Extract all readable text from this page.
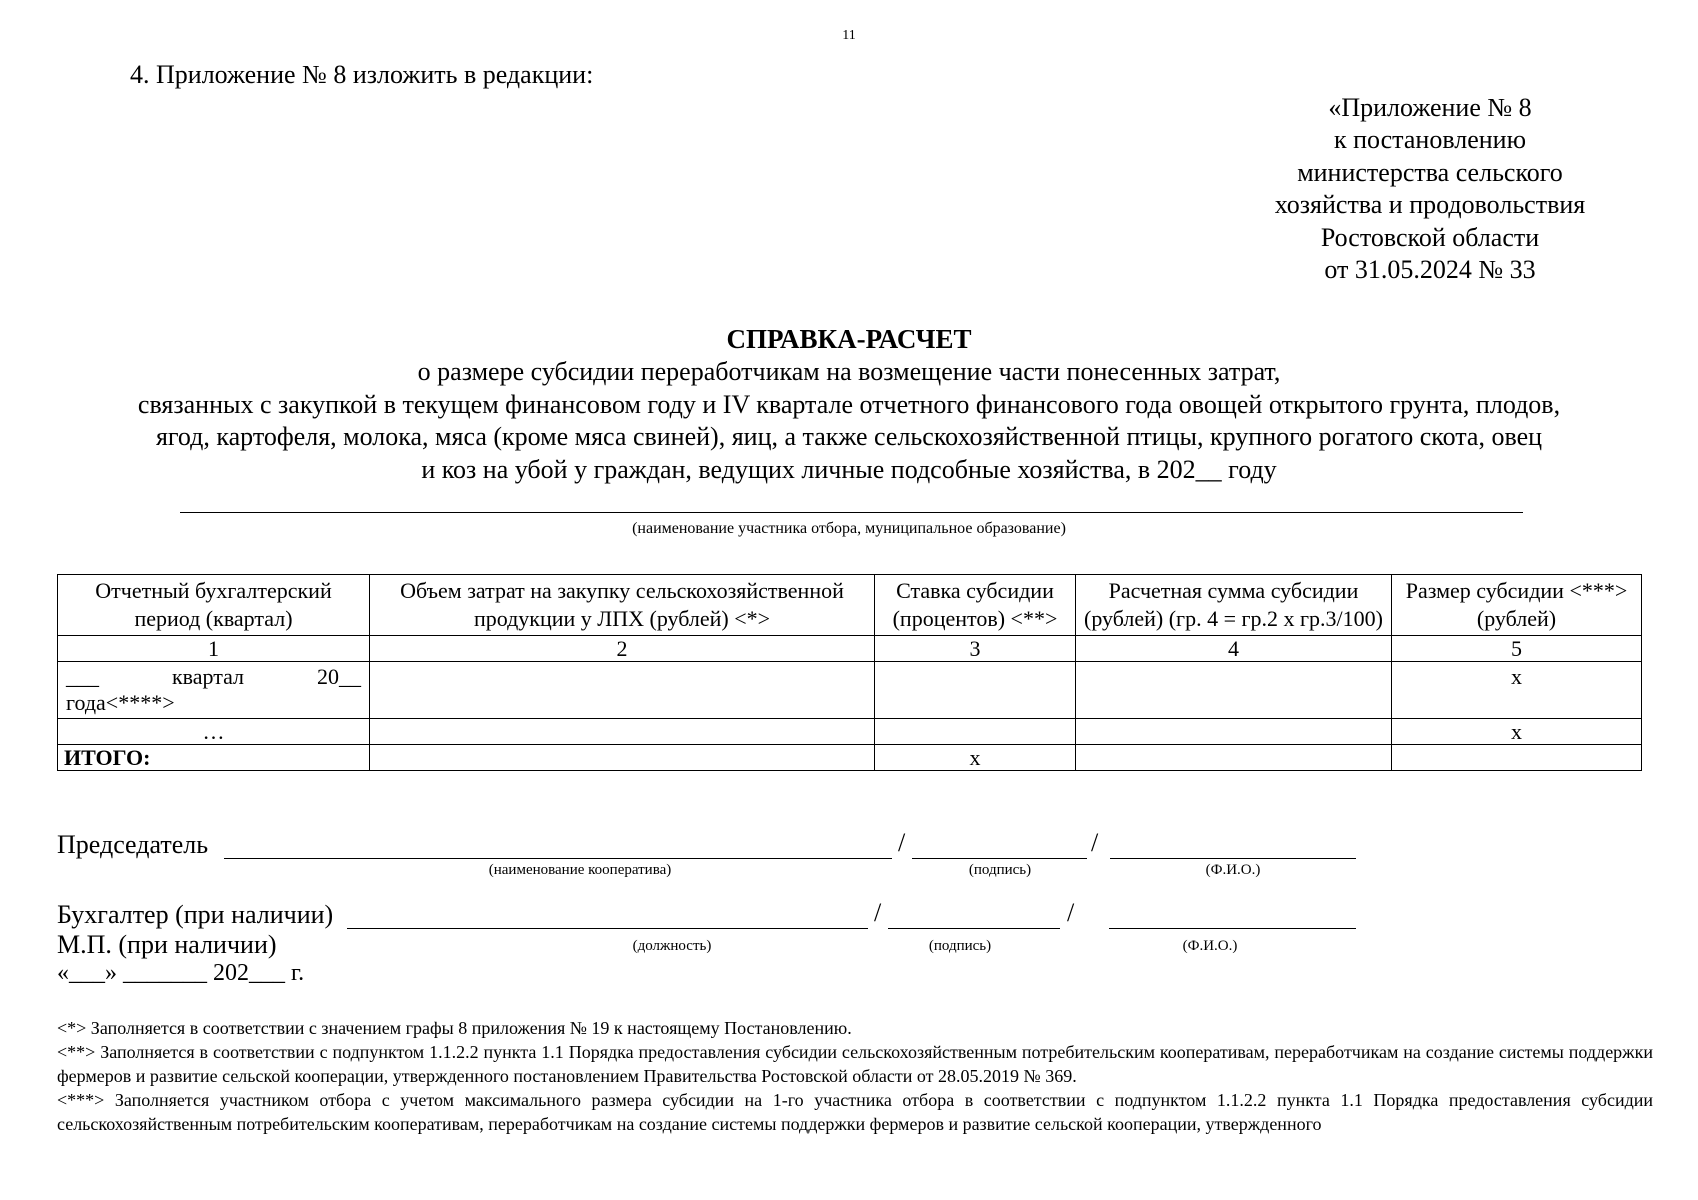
11
4. Приложение № 8 изложить в редакции:
«Приложение № 8
к постановлению
министерства сельского
хозяйства и продовольствия
Ростовской области
от 31.05.2024 № 33
СПРАВКА-РАСЧЕТ
о размере субсидии переработчикам на возмещение части понесенных затрат,
связанных с закупкой в текущем финансовом году и IV квартале отчетного финансового года овощей открытого грунта, плодов,
ягод, картофеля, молока, мяса (кроме мяса свиней), яиц, а также сельскохозяйственной птицы, крупного рогатого скота, овец
и коз на убой у граждан, ведущих личные подсобные хозяйства, в 202__ году
(наименование участника отбора, муниципальное образование)
Отчетный бухгалтерский период (квартал)	Объем затрат на закупку сельскохозяйственной продукции у ЛПХ (рублей) <*>	Ставка субсидии (процентов) <**>	Расчетная сумма субсидии (рублей) (гр. 4 = гр.2 x гр.3/100)	Размер субсидии <***> (рублей)
1	2	3	4	5

___ квартал 20__
года<****>				x
…				x
ИТОГО:		x		
Председатель	/	/
(наименование кооператива)	(подпись)	(Ф.И.О.)
Бухгалтер (при наличии)	/	/
М.П. (при наличии)	(должность)	(подпись)	(Ф.И.О.)
«___» _______ 202___ г.

<*> Заполняется в соответствии с значением графы 8 приложения № 19 к настоящему Постановлению.

<**> Заполняется в соответствии с подпунктом 1.1.2.2 пункта 1.1 Порядка предоставления субсидии сельскохозяйственным потребительским кооперативам, переработчикам на создание системы поддержки фермеров и развитие сельской кооперации, утвержденного постановлением Правительства Ростовской области от 28.05.2019 № 369.

<***> Заполняется участником отбора с учетом максимального размера субсидии на 1-го участника отбора в соответствии с подпунктом 1.1.2.2 пункта 1.1 Порядка предоставления субсидии сельскохозяйственным потребительским кооперативам, переработчикам на создание системы поддержки фермеров и развитие сельской кооперации, утвержденного
